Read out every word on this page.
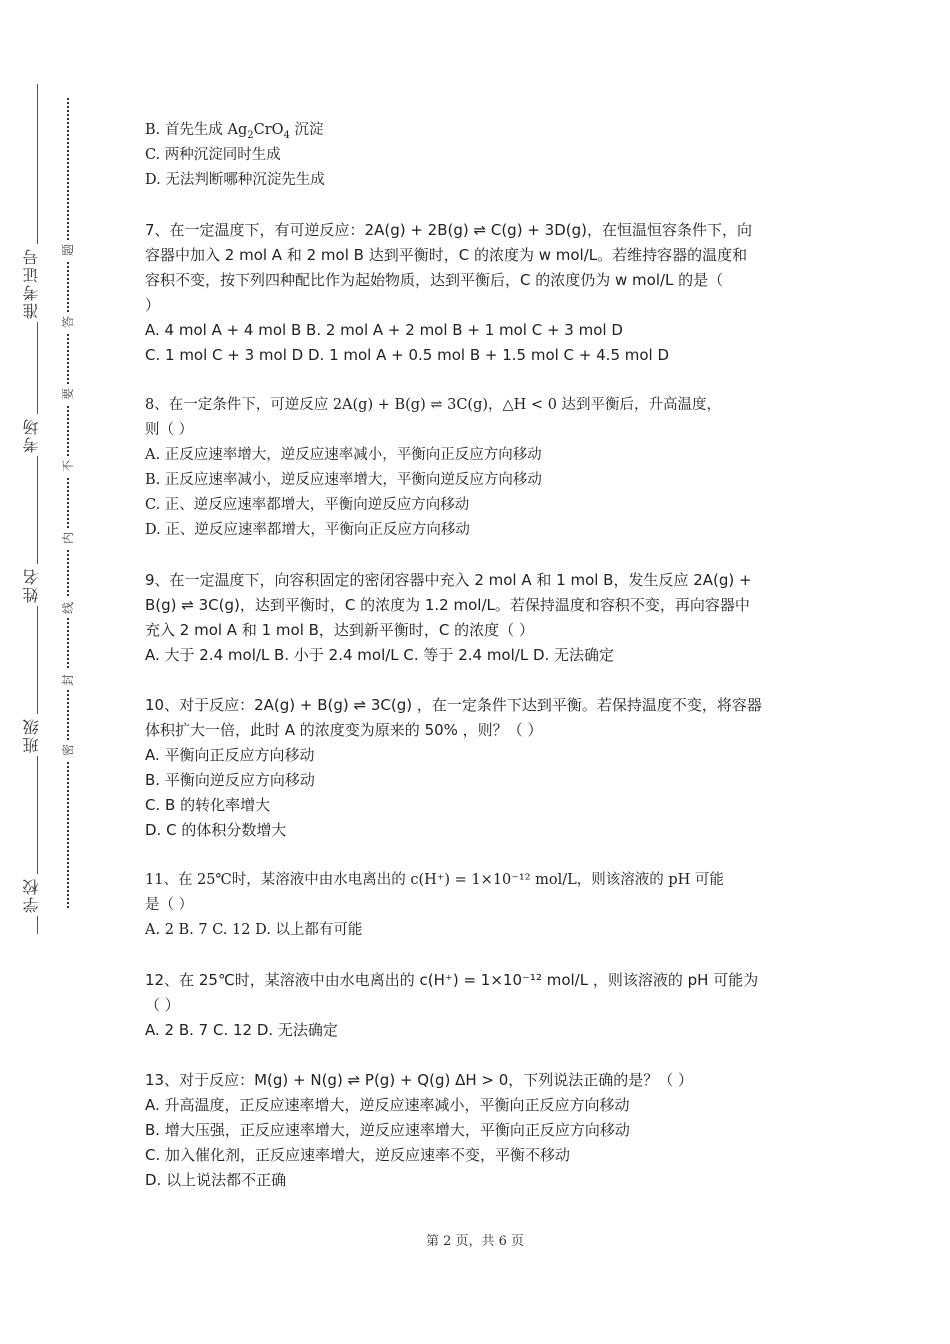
学校
班级
姓名
考场
准考证号
密
封
线
内
不
要
答
题
B. 首先生成 $Ag_2CrO_4$ 沉淀
C. 两种沉淀同时生成
D. 无法判断哪种沉淀先生成
7、在一定温度下，有可逆反应：2A(g) + 2B(g) ⇌ C(g) + 3D(g)，在恒温恒容条件下，向
容器中加入 2 mol A 和 2 mol B 达到平衡时，C 的浓度为 w mol/L。若维持容器的温度和
容积不变，按下列四种配比作为起始物质，达到平衡后，C 的浓度仍为 w mol/L 的是（
）
A. 4 mol A + 4 mol B B. 2 mol A + 2 mol B + 1 mol C + 3 mol D
C. 1 mol C + 3 mol D D. 1 mol A + 0.5 mol B + 1.5 mol C + 4.5 mol D
8、在一定条件下，可逆反应 2A(g) + B(g) ⇌ 3C(g)，△H < 0 达到平衡后，升高温度，
则（ ）
A. 正反应速率增大，逆反应速率减小，平衡向正反应方向移动
B. 正反应速率减小，逆反应速率增大，平衡向逆反应方向移动
C. 正、逆反应速率都增大，平衡向逆反应方向移动
D. 正、逆反应速率都增大，平衡向正反应方向移动
9、在一定温度下，向容积固定的密闭容器中充入 2 mol A 和 1 mol B，发生反应 2A(g) +
B(g) ⇌ 3C(g)，达到平衡时，C 的浓度为 1.2 mol/L。若保持温度和容积不变，再向容器中
充入 2 mol A 和 1 mol B，达到新平衡时，C 的浓度（ ）
A. 大于 2.4 mol/L B. 小于 2.4 mol/L C. 等于 2.4 mol/L D. 无法确定
10、对于反应：2A(g) + B(g) ⇌ 3C(g) ，在一定条件下达到平衡。若保持温度不变，将容器
体积扩大一倍，此时 A 的浓度变为原来的 50% ，则？（ ）
A. 平衡向正反应方向移动
B. 平衡向逆反应方向移动
C. B 的转化率增大
D. C 的体积分数增大
11、在 25℃时，某溶液中由水电离出的 c(H⁺) = 1×10⁻¹² mol/L，则该溶液的 pH 可能
是（ ）
A. 2 B. 7 C. 12 D. 以上都有可能
12、在 25℃时，某溶液中由水电离出的 c(H⁺) = 1×10⁻¹² mol/L ，则该溶液的 pH 可能为
（ ）
A. 2 B. 7 C. 12 D. 无法确定
13、对于反应：M(g) + N(g) ⇌ P(g) + Q(g) ΔH > 0，下列说法正确的是？（ ）
A. 升高温度，正反应速率增大，逆反应速率减小，平衡向正反应方向移动
B. 增大压强，正反应速率增大，逆反应速率增大，平衡向正反应方向移动
C. 加入催化剂，正反应速率增大，逆反应速率不变，平衡不移动
D. 以上说法都不正确
第 2 页，共 6 页
